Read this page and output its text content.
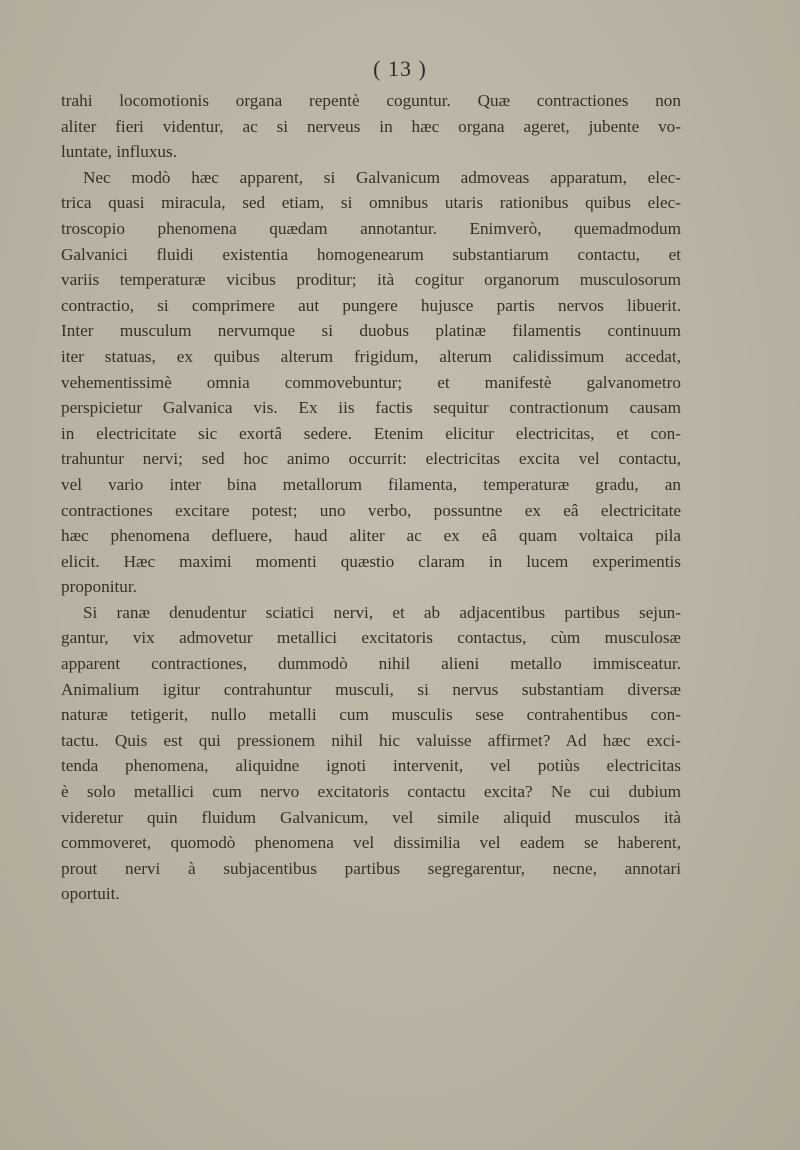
( 13 )

trahi locomotionis organa repentè coguntur. Quæ contractiones non
aliter fieri videntur, ac si nerveus in hæc organa ageret, jubente vo-
luntate, influxus.

Nec modò hæc apparent, si Galvanicum admoveas apparatum, elec-
trica quasi miracula, sed etiam, si omnibus utaris rationibus quibus elec-
troscopio phenomena quædam annotantur. Enimverò, quemadmodum
Galvanici fluidi existentia homogenearum substantiarum contactu, et
variis temperaturæ vicibus proditur; ità cogitur organorum musculosorum
contractio, si comprimere aut pungere hujusce partis nervos libuerit.
Inter musculum nervumque si duobus platinæ filamentis continuum
iter statuas, ex quibus alterum frigidum, alterum calidissimum accedat,
vehementissimè omnia commovebuntur; et manifestè galvanometro
perspicietur Galvanica vis. Ex iis factis sequitur contractionum causam
in electricitate sic exortâ sedere. Etenim elicitur electricitas, et con-
trahuntur nervi; sed hoc animo occurrit: electricitas excita vel contactu,
vel vario inter bina metallorum filamenta, temperaturæ gradu, an
contractiones excitare potest; uno verbo, possuntne ex eâ electricitate
hæc phenomena defluere, haud aliter ac ex eâ quam voltaica pila
elicit. Hæc maximi momenti quæstio claram in lucem experimentis
proponitur.

Si ranæ denudentur sciatici nervi, et ab adjacentibus partibus sejun-
gantur, vix admovetur metallici excitatoris contactus, cùm musculosæ
apparent contractiones, dummodò nihil alieni metallo immisceatur.
Animalium igitur contrahuntur musculi, si nervus substantiam diversæ
naturæ tetigerit, nullo metalli cum musculis sese contrahentibus con-
tactu. Quis est qui pressionem nihil hic valuisse affirmet? Ad hæc exci-
tenda phenomena, aliquidne ignoti intervenit, vel potiùs electricitas
è solo metallici cum nervo excitatoris contactu excita? Ne cui dubium
videretur quin fluidum Galvanicum, vel simile aliquid musculos ità
commoveret, quomodò phenomena vel dissimilia vel eadem se haberent,
prout nervi à subjacentibus partibus segregarentur, necne, annotari
oportuit.
